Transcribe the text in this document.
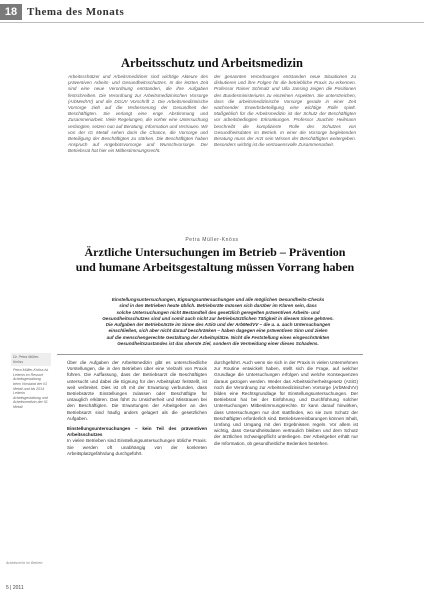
18 Thema des Monats
Arbeitsschutz und Arbeitsmedizin
Arbeitsschützer und Arbeitsmediziner sind wichtige Akteure des präventiven Arbeits- und Gesundheitsschutzes. In der letzten Zeit sind eine neue Verordnung entstanden, die ihre Aufgaben festschreiben. Die Verordnung zur Arbeitsmedizinischen Vorsorge (ArbMedVV) und die DGUV Vorschrift 2. Die Arbeitsmedizinische Vorsorge zielt auf die Verbesserung der Gesundheit der Beschäftigten. Sie verlangt eine enge Abstimmung und Zusammenarbeit. Viele Regelungen, die vorher eine Untersuchung verlangten, setzen nun auf Beratung, Information und Vertrauen. Wir von der IG Metall sehen darin die Chance, die Vorsorge und Beteiligung der Beschäftigten zu stärken. Die Beschäftigten haben Anspruch auf Angebotsvorsorge und Wunschvorsorge. Der Betriebsrat hat hier ein Mitbestimmungsrecht.
der genannten Verordnungen entstanden neue Situationen zu diskutieren und ihre Folgen für die betriebliche Praxis zu erkennen. Professor Rainer Schmalz und Ulla Jansing zeigen die Positionen des Bundesministeriums zu einzelnen Aspekten. Sie unterstreichen, dass die arbeitsmedizinische Vorsorge gerade in einer Zeit wachsender Erwerbsbeteiligung eine wichtige Rolle spielt. Maßgeblich für die Arbeitsmedizin ist der Schutz der Beschäftigten vor arbeitsbedingten Erkrankungen. Professor Joachim Heilmann beschreibt die komplizierte Rolle des Schutzes von Gesundheitsdaten im Betrieb. In einer die Vorsorge begleitenden Beratung muss der Arzt sein Wissen der Beschäftigten weitergeben. Besonders wichtig ist die vertrauensvolle Zusammenarbeit.
Petra Müller-Knöss
Ärztliche Untersuchungen im Betrieb – Prävention
und humane Arbeitsgestaltung müssen Vorrang haben
Einstellungsuntersuchungen, Eignungsuntersuchungen und alle möglichen Gesundheits-Checks
sind in den Betrieben heute üblich. Betriebsräte müssen sich darüber im Klaren sein, dass
solche Untersuchungen nicht Bestandteil des gesetzlich geregelten präventiven Arbeits- und
Gesundheitsschutzes sind und somit auch nicht zur betriebsärztlichen Tätigkeit in diesem Sinne gehören.
Die Aufgaben der Betriebsärzte im Sinne des ASiG und der ArbMedVV – die u. a. auch Untersuchungen
einschließen, sich aber nicht darauf beschränken – haben dagegen eine präventiven Sinn und zielen
auf die menschengerechte Gestaltung der Arbeitsplätze. Nicht die Feststellung eines eingeschränkten
Gesundheitszustandes ist das oberste Ziel, sondern die Vermeidung einer dieses Schadens.
Dr. Petra Müller-Knöss
Petra Müller-Knöss ist Leiterin im Ressort Arbeitsgestaltung beim Vorstand der IG Metall und bis 2014 Leiterin Arbeitsgestaltung und Arbeitsmedizin der IG Metall
Über die Aufgaben der Arbeitsmedizin gibt es unterschiedliche Vorstellungen, die in den Betrieben über eine Vielzahl von Praxis führen. Die Auffassung, dass der Betriebsarzt die Beschäftigten untersucht und dabei die Eignung für den Arbeitsplatz feststellt, ist weit verbreitet. Dies ist oft mit der Erwartung verbunden, dass Betriebsärzte Einstellungen zulassen oder Beschäftigte für untauglich erklären. Das führt zu Unsicherheit und Misstrauen bei den Beschäftigten. Die Erwartungen der Arbeitgeber an den Betriebsarzt sind häufig anders gelagert als die gesetzlichen Aufgaben.
Einstellungsuntersuchungen – kein Teil des präventiven Arbeitsschutzes
In vielen Betrieben sind Einstellungsuntersuchungen übliche Praxis. Sie werden oft unabhängig von der konkreten Arbeitsplatzgefährdung durchgeführt.
durchgeführt. Auch wenn sie sich in der Praxis in vielen Unternehmen zur Routine entwickelt haben, stellt sich die Frage, auf welcher Grundlage die Untersuchungen erfolgen und welche Konsequenzen daraus gezogen werden. Weder das Arbeitssicherheitsgesetz (ASiG) noch die Verordnung zur Arbeitsmedizinischen Vorsorge (ArbMedVV) bilden eine Rechtsgrundlage für Einstellungsuntersuchungen. Der Betriebsrat hat bei der Einführung und Durchführung solcher Untersuchungen Mitbestimmungsrechte. Er kann darauf hinwirken, dass Untersuchungen nur dort stattfinden, wo sie zum Schutz der Beschäftigten erforderlich sind. Betriebsvereinbarungen können Inhalt, Umfang und Umgang mit den Ergebnissen regeln. Vor allem ist wichtig, dass Gesundheitsdaten vertraulich bleiben und dem Schutz der ärztlichen Schweigepflicht unterliegen. Der Arbeitgeber erhält nur die Information, ob gesundheitliche Bedenken bestehen.
Arbeitsrecht im Betrieb
5 | 2011
